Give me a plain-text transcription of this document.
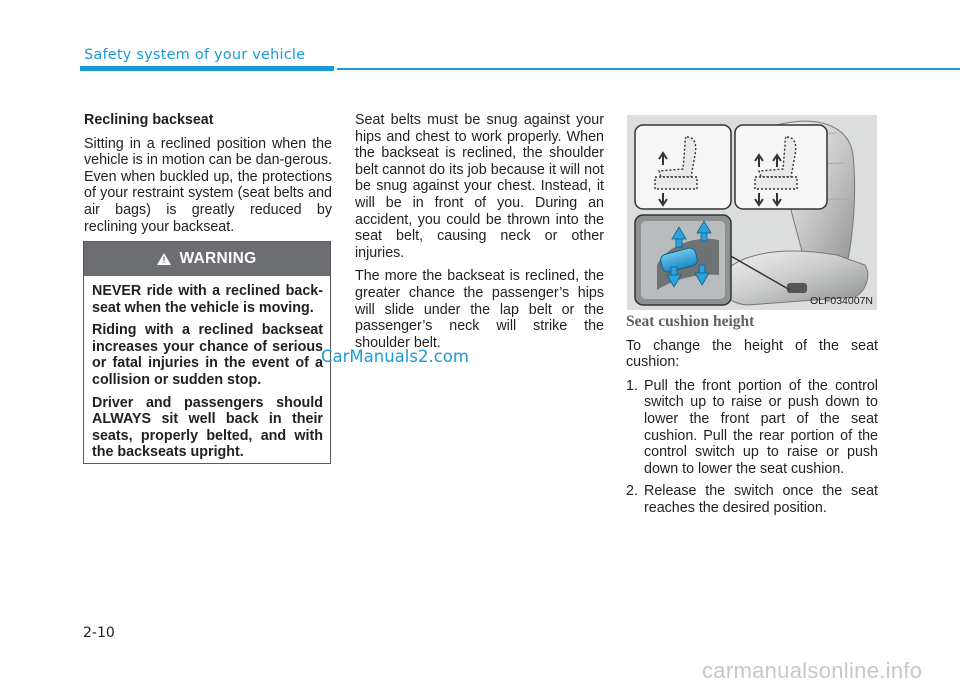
Safety system of your vehicle

Reclining backseat

Sitting in a reclined position when the vehicle is in motion can be dan-gerous. Even when buckled up, the protections of your restraint system (seat belts and air bags) is greatly reduced by reclining your backseat.

! WARNING

NEVER ride with a reclined back-seat when the vehicle is moving.

Riding with a reclined backseat increases your chance of serious or fatal injuries in the event of a collision or sudden stop.

Driver and passengers should ALWAYS sit well back in their seats, properly belted, and with the backseats upright.

Seat belts must be snug against your hips and chest to work properly. When the backseat is reclined, the shoulder belt cannot do its job because it will not be snug against your chest. Instead, it will be in front of you. During an accident, you could be thrown into the seat belt, causing neck or other injuries.

The more the backseat is reclined, the greater chance the passenger’s hips will slide under the lap belt or the passenger’s neck will strike the shoulder belt.

CarManuals2.com
OLF034007N

Seat cushion height

To change the height of the seat cushion:

1. Pull the front portion of the control switch up to raise or push down to lower the front part of the seat cushion. Pull the rear portion of the control switch up to raise or push down to lower the seat cushion.
2. Release the switch once the seat reaches the desired position.
2-10
carmanualsonline.info
